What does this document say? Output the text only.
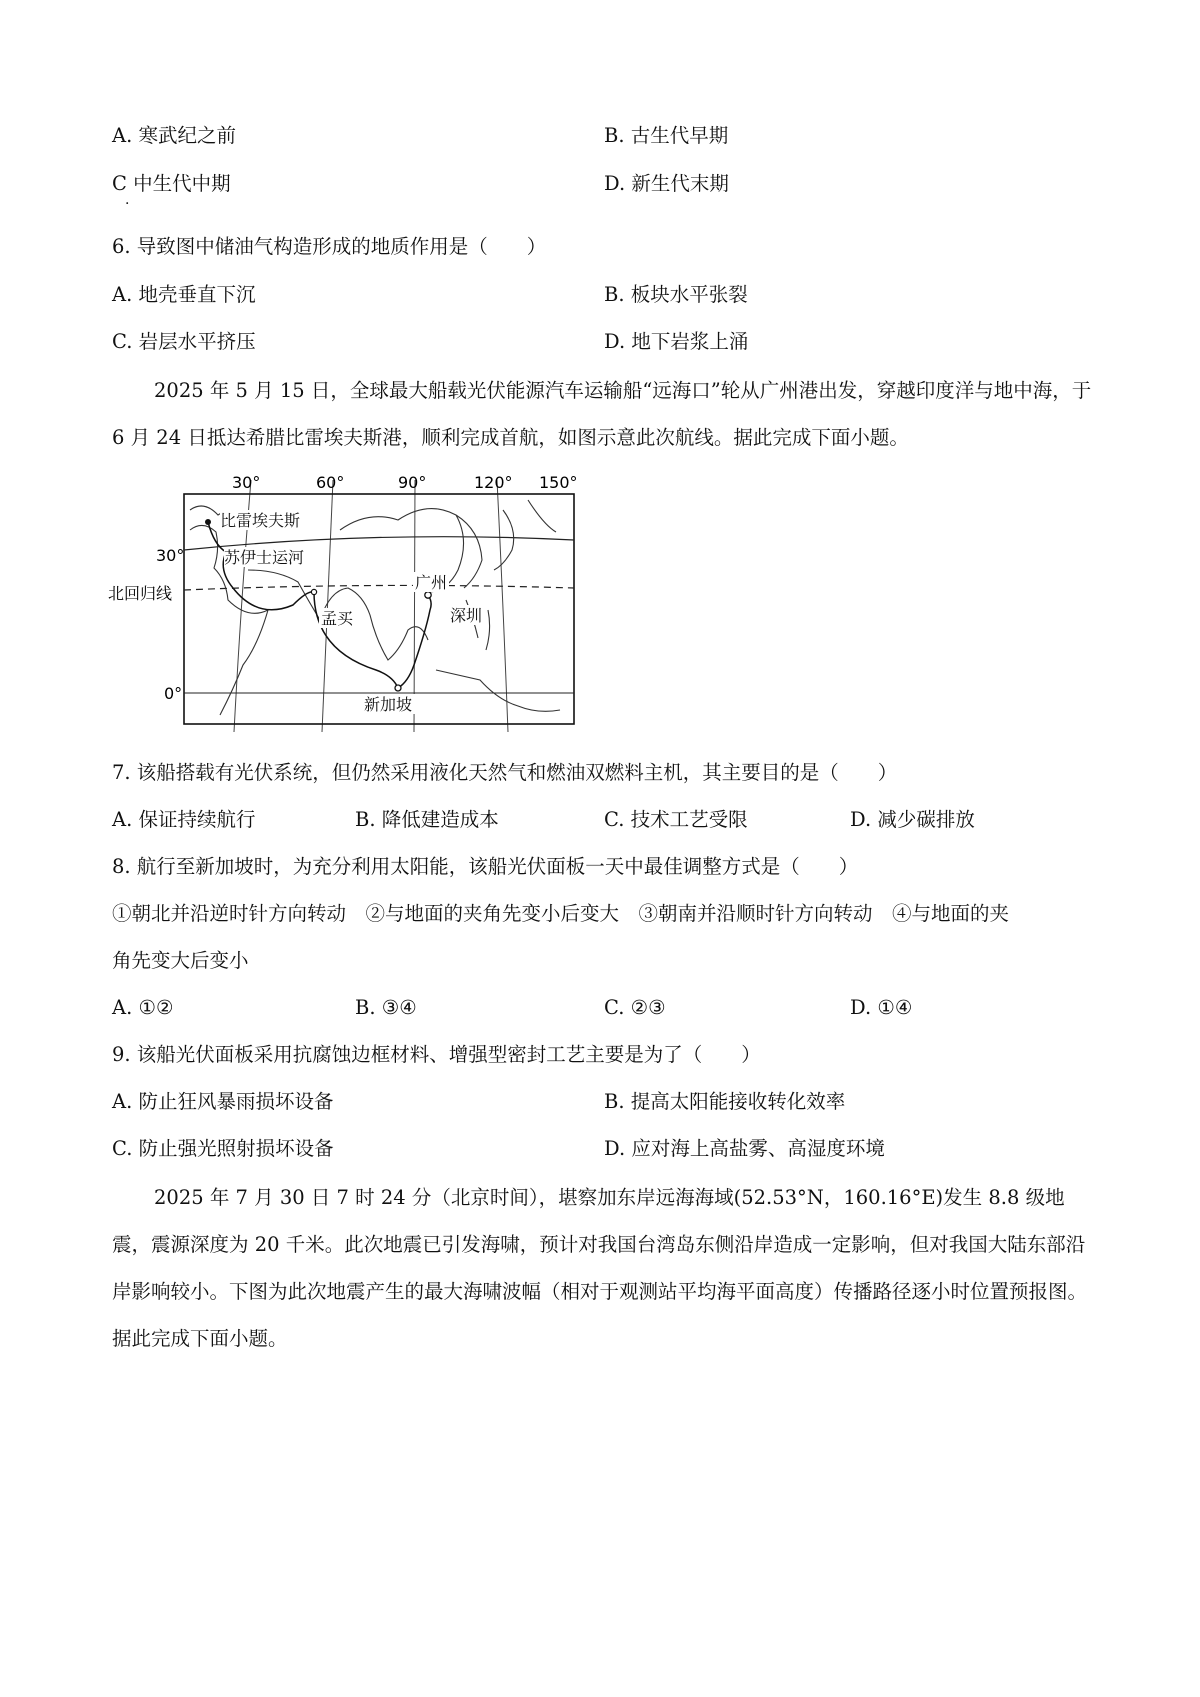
A. 寒武纪之前	B. 古生代早期
C 中生代中期
·
D. 新生代末期
6. 导致图中储油气构造形成的地质作用是（　　）
A. 地壳垂直下沉	B. 板块水平张裂
C. 岩层水平挤压	D. 地下岩浆上涌
2025 年 5 月 15 日，全球最大船载光伏能源汽车运输船“远海口”轮从广州港出发，穿越印度洋与地中海，于 6 月 24 日抵达希腊比雷埃夫斯港，顺利完成首航，如图示意此次航线。据此完成下面小题。
30°	60°	90°	120° 150°
30°
0°
北回归线
比雷埃夫斯
苏伊士运河
广州
孟买	深圳
新加坡
7. 该船搭载有光伏系统，但仍然采用液化天然气和燃油双燃料主机，其主要目的是（　　）
A. 保证持续航行	B. 降低建造成本	C. 技术工艺受限	D. 减少碳排放
8. 航行至新加坡时，为充分利用太阳能，该船光伏面板一天中最佳调整方式是（　　）
①朝北并沿逆时针方向转动　②与地面的夹角先变小后变大　③朝南并沿顺时针方向转动　④与地面的夹
角先变大后变小
A. ①②	B. ③④	C. ②③	D. ①④
9. 该船光伏面板采用抗腐蚀边框材料、增强型密封工艺主要是为了（　　）
A. 防止狂风暴雨损坏设备	B. 提高太阳能接收转化效率
C. 防止强光照射损坏设备	D. 应对海上高盐雾、高湿度环境
2025 年 7 月 30 日 7 时 24 分（北京时间），堪察加东岸远海海域(52.53°N，160.16°E)发生 8.8 级地震，震源深度为 20 千米。此次地震已引发海啸，预计对我国台湾岛东侧沿岸造成一定影响，但对我国大陆东部沿岸影响较小。下图为此次地震产生的最大海啸波幅（相对于观测站平均海平面高度）传播路径逐小时位置预报图。据此完成下面小题。
